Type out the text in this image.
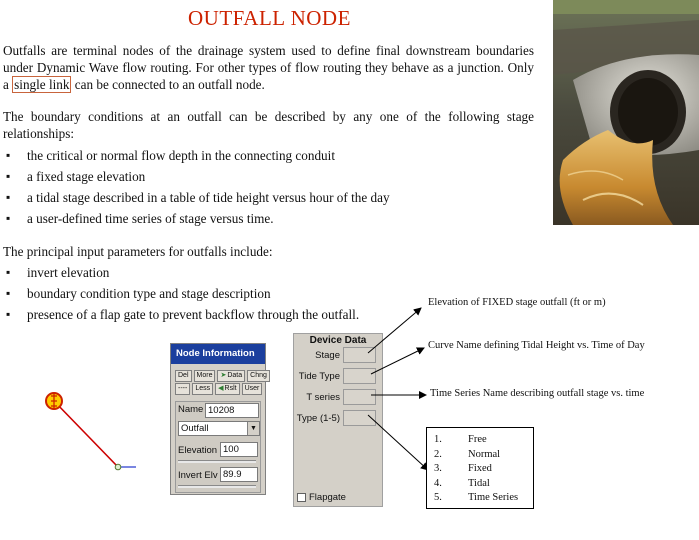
OUTFALL NODE
Outfalls are terminal nodes of the drainage system used to define final downstream boundaries under Dynamic Wave flow routing. For other types of flow routing they behave as a junction. Only a single link can be connected to an outfall node.
The boundary conditions at an outfall can be described by any one of the following stage relationships:
▪ the critical or normal flow depth in the connecting conduit
▪ a fixed stage elevation
▪ a tidal stage described in a table of tide height versus hour of the day
▪ a user-defined time series of stage versus time.
The principal input parameters for outfalls include:
▪ invert elevation
▪ boundary condition type and stage description
▪ presence of a flap gate to prevent backflow through the outfall.
Node Information
Del	More	➤ Data	Chng
----	Less	◀ Rslt	User
Name 10208
Outfall	▼
Elevation 100
Invert Elv 89.9
Device Data
Stage
Tide Type
T series
Type (1-5)
Flapgate
Elevation of FIXED stage outfall (ft or m)
Curve Name defining Tidal Height vs. Time of Day
Time Series Name describing outfall stage vs. time
1.	Free
2.	Normal
3.	Fixed
4.	Tidal
5.	Time Series
